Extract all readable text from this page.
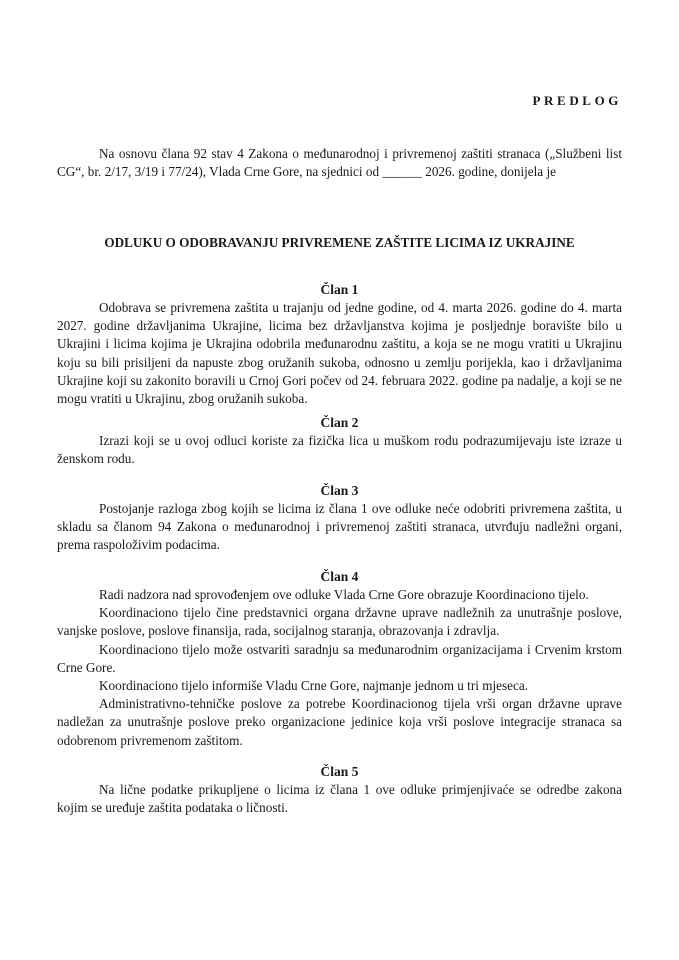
PREDLOG

Na osnovu člana 92 stav 4 Zakona o međunarodnoj i privremenoj zaštiti stranaca („Službeni list CG“, br. 2/17, 3/19 i 77/24), Vlada Crne Gore, na sjednici od ______ 2026. godine, donijela je

ODLUKU O ODOBRAVANJU PRIVREMENE ZAŠTITE LICIMA IZ UKRAJINE
Član 1

Odobrava se privremena zaštita u trajanju od jedne godine, od 4. marta 2026. godine do 4. marta 2027. godine državljanima Ukrajine, licima bez državljanstva kojima je posljednje boravište bilo u Ukrajini i licima kojima je Ukrajina odobrila međunarodnu zaštitu, a koja se ne mogu vratiti u Ukrajinu koju su bili prisiljeni da napuste zbog oružanih sukoba, odnosno u zemlju porijekla, kao i državljanima Ukrajine koji su zakonito boravili u Crnoj Gori počev od 24. februara 2022. godine pa nadalje, a koji se ne mogu vratiti u Ukrajinu, zbog oružanih sukoba.

Član 2

Izrazi koji se u ovoj odluci koriste za fizička lica u muškom rodu podrazumijevaju iste izraze u ženskom rodu.

Član 3

Postojanje razloga zbog kojih se licima iz člana 1 ove odluke neće odobriti privremena zaštita, u skladu sa članom 94 Zakona o međunarodnoj i privremenoj zaštiti stranaca, utvrđuju nadležni organi, prema raspoloživim podacima.

Član 4

Radi nadzora nad sprovođenjem ove odluke Vlada Crne Gore obrazuje Koordinaciono tijelo.

Koordinaciono tijelo čine predstavnici organa državne uprave nadležnih za unutrašnje poslove, vanjske poslove, poslove finansija, rada, socijalnog staranja, obrazovanja i zdravlja.

Koordinaciono tijelo može ostvariti saradnju sa međunarodnim organizacijama i Crvenim krstom Crne Gore.

Koordinaciono tijelo informiše Vladu Crne Gore, najmanje jednom u tri mjeseca.

Administrativno-tehničke poslove za potrebe Koordinacionog tijela vrši organ državne uprave nadležan za unutrašnje poslove preko organizacione jedinice koja vrši poslove integracije stranaca sa odobrenom privremenom zaštitom.

Član 5

Na lične podatke prikupljene o licima iz člana 1 ove odluke primjenjivaće se odredbe zakona kojim se uređuje zaštita podataka o ličnosti.
